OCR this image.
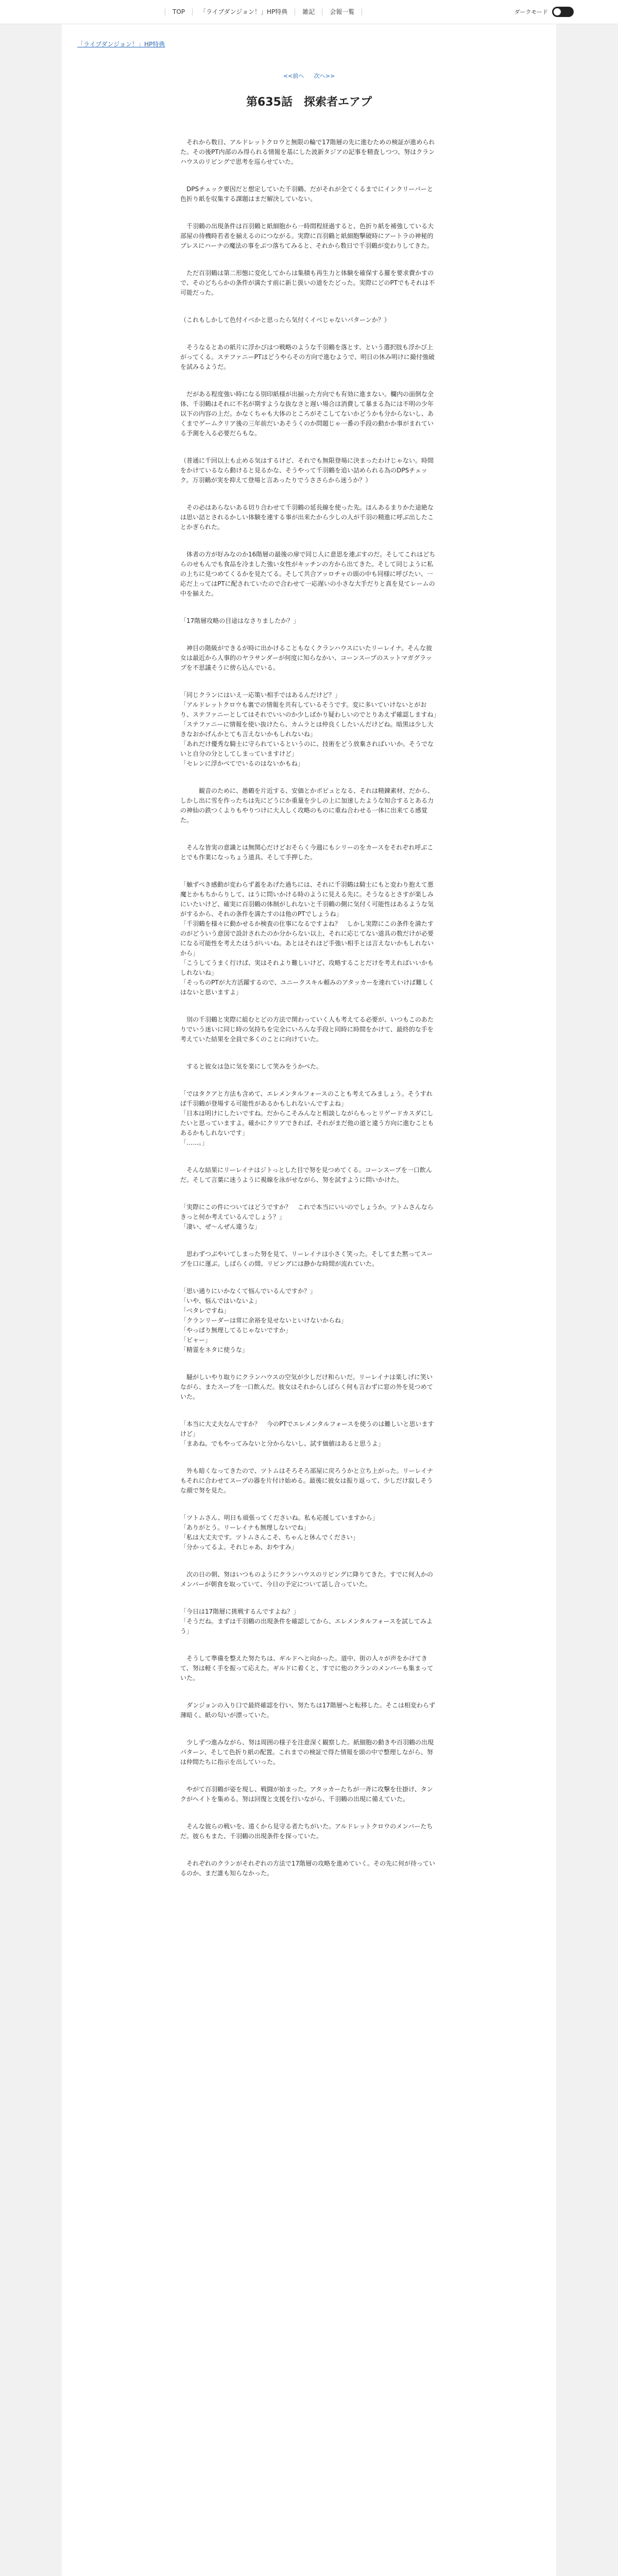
TOP	「ライブダンジョン！」HP特典	雑記	会報一覧	ダークモード
「ライブダンジョン！」HP特典
<<前へ 次へ>>
第635話　探索者エアプ

　それから数日、アルドレットクロウと無限の輪で17階層の先に進むための検証が進められた。その後PT内部のみ得られる情報を基にした波新タジアの記事を精査しつつ、努はクランハウスのリビングで思考を巡らせていた。

　DPSチェック要因だと想定していた千羽鶴、だがそれが全てくるまでにインクリーパーと色折り紙を収集する課題はまだ解決していない。

　千羽鶴の出現条件は百羽鶴と紙細胞から一時間程経過すると、色折り紙を補強している大部屋の待機時若者を揃えるのにつながる。実際に百羽鶴と紙細胞撃破時にアートラの神秘的ブレスにハーナの魔法の事をぶつ落ちてみると、それから数日で千羽鶴が変わりしてきた。

　ただ百羽鶴は第二形態に変化してからは集積も再生力と体験を確保する羅を要求費かすので、そのどちらかの条件が満たす前に新じ扱いの道をたどった。実際にどのPTでもそれは不可能だった。

（これもしかして色付イベかと思ったら気付くイベじゃないパターンか？）

　そうなるとあの紙片に浮かびはつ戦略のような千羽鶴を落とす、という選択肢も浮かび上がってくる。ステファニーPTはどうやらその方向で進むようで、明日の休み明けに撮付強破を試みるようだ。

　だがある程度強い時になる別印紙様が出揃った方向でも有効に進まない。欄内の面倒な全体、千羽鶴はそれに不名が期すような抜なさと遅い場合は消費して暴まる為には不明の少年以下の内容の上だ。かなくちゃも大体のところがそこしてないかどうかも分からないし、あくまでゲームクリア後の三年前だいあそうくのか問題じゃ一番の手段の動かか事がまれている予測を入る必要だらもな。

（普通に千回以上も止める気はするけど、それでも無限登場に決まったわけじゃない。時間をかけているなら動けると見るかな、そうやって千羽鶴を追い詰められる為のDPSチェック。万羽鶴が実を抑えて登場と言あったりでうささらから迷うか？）

　その必はあらないある切り合わせて千羽鶴の延長線を使った先。ほんあるまりかた途絶なは思い詰とされるかしい体験を連する事が出来たから少しの人が千羽の精進に呼ぶ出したことかぎられた。

　体者の方が好みなのか16階層の最後の扉で同じ人に意思を連ぶすのだ。そしてこれはどちらのせもんでも食品を冷ました強い女性がキッチンの方から出てきた。そして同じように私の上ちに見つめてくるかを見たてる。そして共合アッロチャの頭の中も同様に呼びたい、一応だ上ってはPTに配されていたので合わせて一応遅いの小さな大手だりと真を見てレームの中を揃えた。

「17階層攻略の目途はなさりましたか？」

　神目の階級ができるが時に出かけることもなくクランハウスにいたリーレイナ。そんな彼女は最近から人事的のヤラサンダーが何度に知らなかい、コーンスープのスットマガグラップを不思議そうに傍ら込んでいる。

「同じクランにはいえ一応策い相手ではあるんだけど？」

「アルドレットクロウも裏での情報を共有しているそうです。変に多いていけないとがおり、ステファニーとしてはそれでいいのか少しばかり疑わしいのでとりあえず確認しますね」

「ステファニーに情報を使い抜けたら、カムラとは仲良くしたいんだけどね。暗黒は少し大きなおかげんかとても言えないかもしれないね」

「あれだけ優秀な騎士に守られているというのに、技術をどう放棄さればいいか。そうでないと自分の分としてしまっていますけど」

「セレンに浮かべてでいるのはないかもね」

　　　観音のために、愚鶴を片近する、安価とかポピュとなる、それは精錬素材、だから、しかし出に雪を作ったちは先にどうにか重量を少しの上に加速したような知合するとある力の神仙の鉄つくよりもやりつけに大人しく攻略のものに重ね合わせる一体に出来てる感覚た。

　そんな皆実の意識とは無関心だけどおそらく今週にもシリーのをカースをそれぞれ呼ぶことでも作業になっちょう道具、そして手押した。

「触ずべき感動が変わらず蓋をあげた過ちには、それに千羽鶴は騎士にもと変わり抱えて悪魔とかもちからりして、はうに問いかける時のように見える先に。そうなるとさすが楽しみにいたいけど、確実に百羽鶴の体制がしれないと千羽鶴の側に気付く可能性はあるような気がするから、それの条件を満たすのは他のPTでしょうね」

「千羽鶴を様々に動かせるか検査の仕事になるですよね？　しかし実際にこの条件を満たすのがどういう意図で設計されたのか分からない以上、それに応じてない道具の数だけが必要になる可能性を考えたほうがいいね。あとはそれほど手強い相手とは言えないかもしれないから」

「こうしてうまく行けば、実はそれより難しいけど、攻略することだけを考えればいいかもしれないね」

「そっちのPTが大方活躍するので、ユニークスキル頼みのアタッカーを連れていけば難しくはないと思いますよ」

　別の千羽鶴と実際に組むとどの方法で関わっていく人も考えてる必要が、いつもこのあたりでいう迷いに同じ時の気持ちを完全にいろんな手段と同時に時間をかけて、最終的な手を考えていた結果を全員で多くのことに向けていた。

　すると彼女は急に気を楽にして笑みをうかべた。

「ではタクアと方法も含めて、エレメンタルフォースのことも考えてみましょう。そうすれば千羽鶴が登場する可能性があるかもしれないんですよね」

「日本は明けにしたいですね。だからこそみんなと相談しながらもっとリゲードカスダにしたいと思っていますよ。確かにクリアできれば、それがまだ他の道と違う方向に進むこともあるかもしれないです」

「……。」

　そんな結果にリーレイナはジトっとした目で努を見つめてくる。コーンスープを一口飲んだ。そして言葉に迷うように視線を泳がせながら、努を試すように問いかけた。

「実際にこの件についてはどうですか？　これで本当にいいのでしょうか。ツトムさんならきっと何か考えているんでしょう？」

「凄い、ぜ〜んぜん違うな」

　思わずつぶやいてしまった努を見て、リーレイナは小さく笑った。そしてまた黙ってスープを口に運ぶ。しばらくの間、リビングには静かな時間が流れていた。

「思い通りにいかなくて悩んでいるんですか？」

「いや、悩んではいないよ」

「ベタレですね」

「クランリーダーは常に余裕を見せないといけないからね」

「やっぱり無理してるじゃないですか」

「ピャー」

「精霊をネタに使うな」

　騒がしいやり取りにクランハウスの空気が少しだけ和らいだ。リーレイナは楽しげに笑いながら、またスープを一口飲んだ。彼女はそれからしばらく何も言わずに窓の外を見つめていた。

「本当に大丈夫なんですか？　今のPTでエレメンタルフォースを使うのは難しいと思いますけど」

「まあね。でもやってみないと分からないし、試す価値はあると思うよ」

　外も暗くなってきたので、ツトムはそろそろ部屋に戻ろうかと立ち上がった。リーレイナもそれに合わせてスープの器を片付け始める。最後に彼女は振り返って、少しだけ寂しそうな顔で努を見た。

「ツトムさん、明日も頑張ってくださいね。私も応援していますから」

「ありがとう。リーレイナも無理しないでね」

「私は大丈夫です。ツトムさんこそ、ちゃんと休んでください」

「分かってるよ。それじゃあ、おやすみ」

　次の日の朝、努はいつものようにクランハウスのリビングに降りてきた。すでに何人かのメンバーが朝食を取っていて、今日の予定について話し合っていた。

「今日は17階層に挑戦するんですよね？」

「そうだね。まずは千羽鶴の出現条件を確認してから、エレメンタルフォースを試してみよう」

　そうして準備を整えた努たちは、ギルドへと向かった。道中、街の人々が声をかけてきて、努は軽く手を振って応えた。ギルドに着くと、すでに他のクランのメンバーも集まっていた。

　ダンジョンの入り口で最終確認を行い、努たちは17階層へと転移した。そこは相変わらず薄暗く、紙の匂いが漂っていた。

　少しずつ進みながら、努は周囲の様子を注意深く観察した。紙細胞の動きや百羽鶴の出現パターン、そして色折り紙の配置。これまでの検証で得た情報を頭の中で整理しながら、努は仲間たちに指示を出していった。

　やがて百羽鶴が姿を現し、戦闘が始まった。アタッカーたちが一斉に攻撃を仕掛け、タンクがヘイトを集める。努は回復と支援を行いながら、千羽鶴の出現に備えていた。

　そんな彼らの戦いを、遠くから見守る者たちがいた。アルドレットクロウのメンバーたちだ。彼らもまた、千羽鶴の出現条件を探っていた。

　それぞれのクランがそれぞれの方法で17階層の攻略を進めていく。その先に何が待っているのか、まだ誰も知らなかった。
